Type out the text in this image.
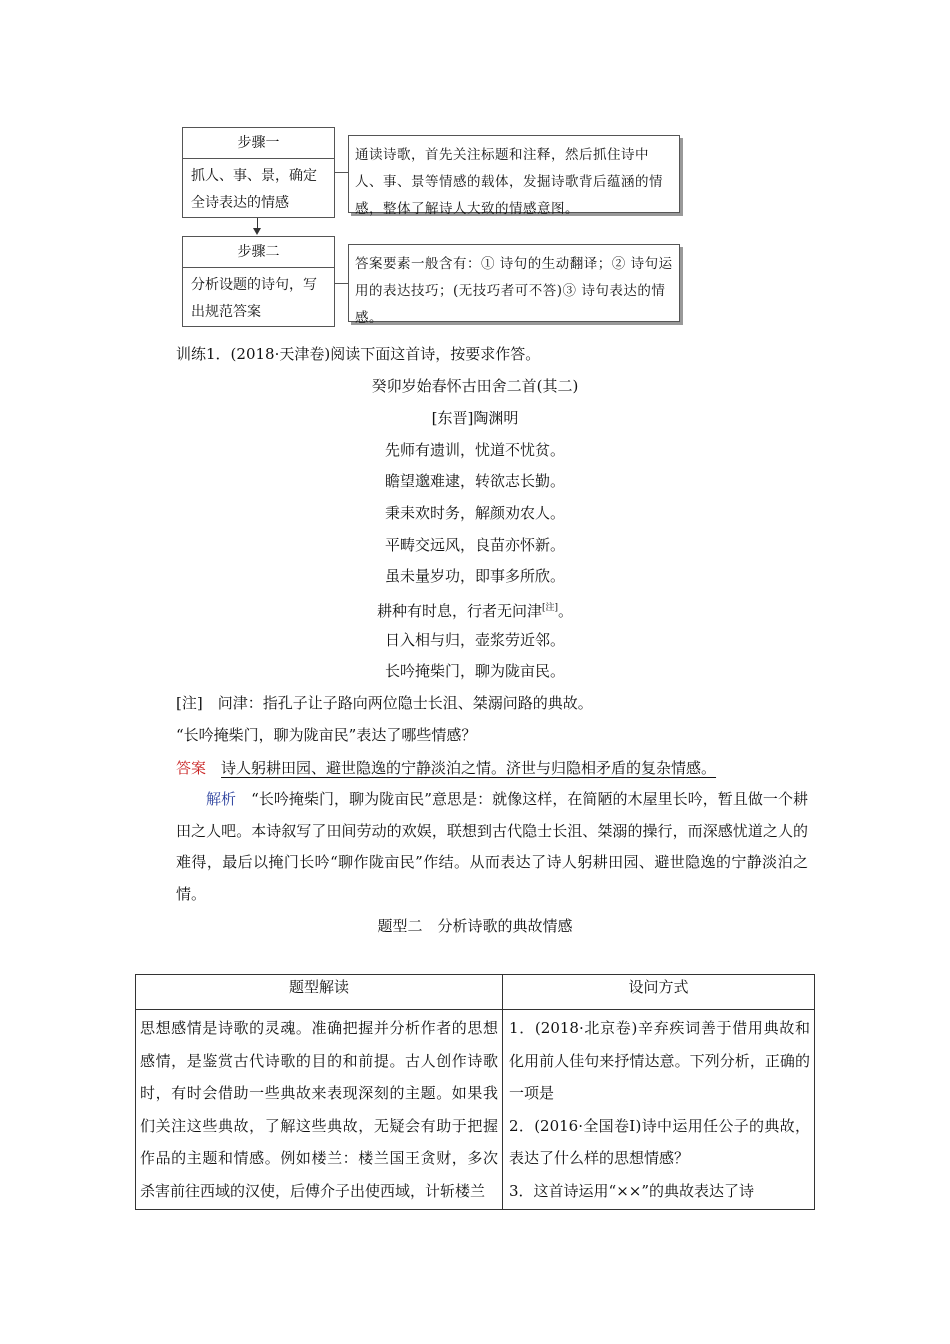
步骤一
抓人、事、景，确定全诗表达的情感
通读诗歌，首先关注标题和注释，然后抓住诗中人、事、景等情感的载体，发掘诗歌背后蕴涵的情感，整体了解诗人大致的情感意图。
步骤二
分析设题的诗句，写出规范答案
答案要素一般含有：① 诗句的生动翻译；② 诗句运用的表达技巧；(无技巧者可不答)③ 诗句表达的情感。
训练1．(2018·天津卷)阅读下面这首诗，按要求作答。
癸卯岁始春怀古田舍二首(其二)
[东晋]陶渊明
先师有遗训，忧道不忧贫。
瞻望邈难逮，转欲志长勤。
秉耒欢时务，解颜劝农人。
平畴交远风，良苗亦怀新。
虽未量岁功，即事多所欣。
耕种有时息，行者无问津[注]。
日入相与归，壶浆劳近邻。
长吟掩柴门，聊为陇亩民。
[注]　问津：指孔子让子路向两位隐士长沮、桀溺问路的典故。
“长吟掩柴门，聊为陇亩民”表达了哪些情感？
答案　 诗人躬耕田园、避世隐逸的宁静淡泊之情。济世与归隐相矛盾的复杂情感。
解析　 “长吟掩柴门，聊为陇亩民”意思是：就像这样，在简陋的木屋里长吟，暂且做一个耕田之人吧。本诗叙写了田间劳动的欢娱，联想到古代隐士长沮、桀溺的操行，而深感忧道之人的难得，最后以掩门长吟“聊作陇亩民”作结。从而表达了诗人躬耕田园、避世隐逸的宁静淡泊之情。
题型二　分析诗歌的典故情感
题型解读	设问方式
思想感情是诗歌的灵魂。准确把握并分析作者的思想感情，是鉴赏古代诗歌的目的和前提。古人创作诗歌时，有时会借助一些典故来表现深刻的主题。如果我们关注这些典故，了解这些典故，无疑会有助于把握作品的主题和情感。例如楼兰：楼兰国王贪财，多次杀害前往西域的汉使，后傅介子出使西域，计斩楼兰	1．(2018·北京卷)辛弃疾词善于借用典故和化用前人佳句来抒情达意。下列分析，正确的一项是
2．(2016·全国卷Ⅰ)诗中运用任公子的典故，表达了什么样的思想情感？
3．这首诗运用“××”的典故表达了诗
